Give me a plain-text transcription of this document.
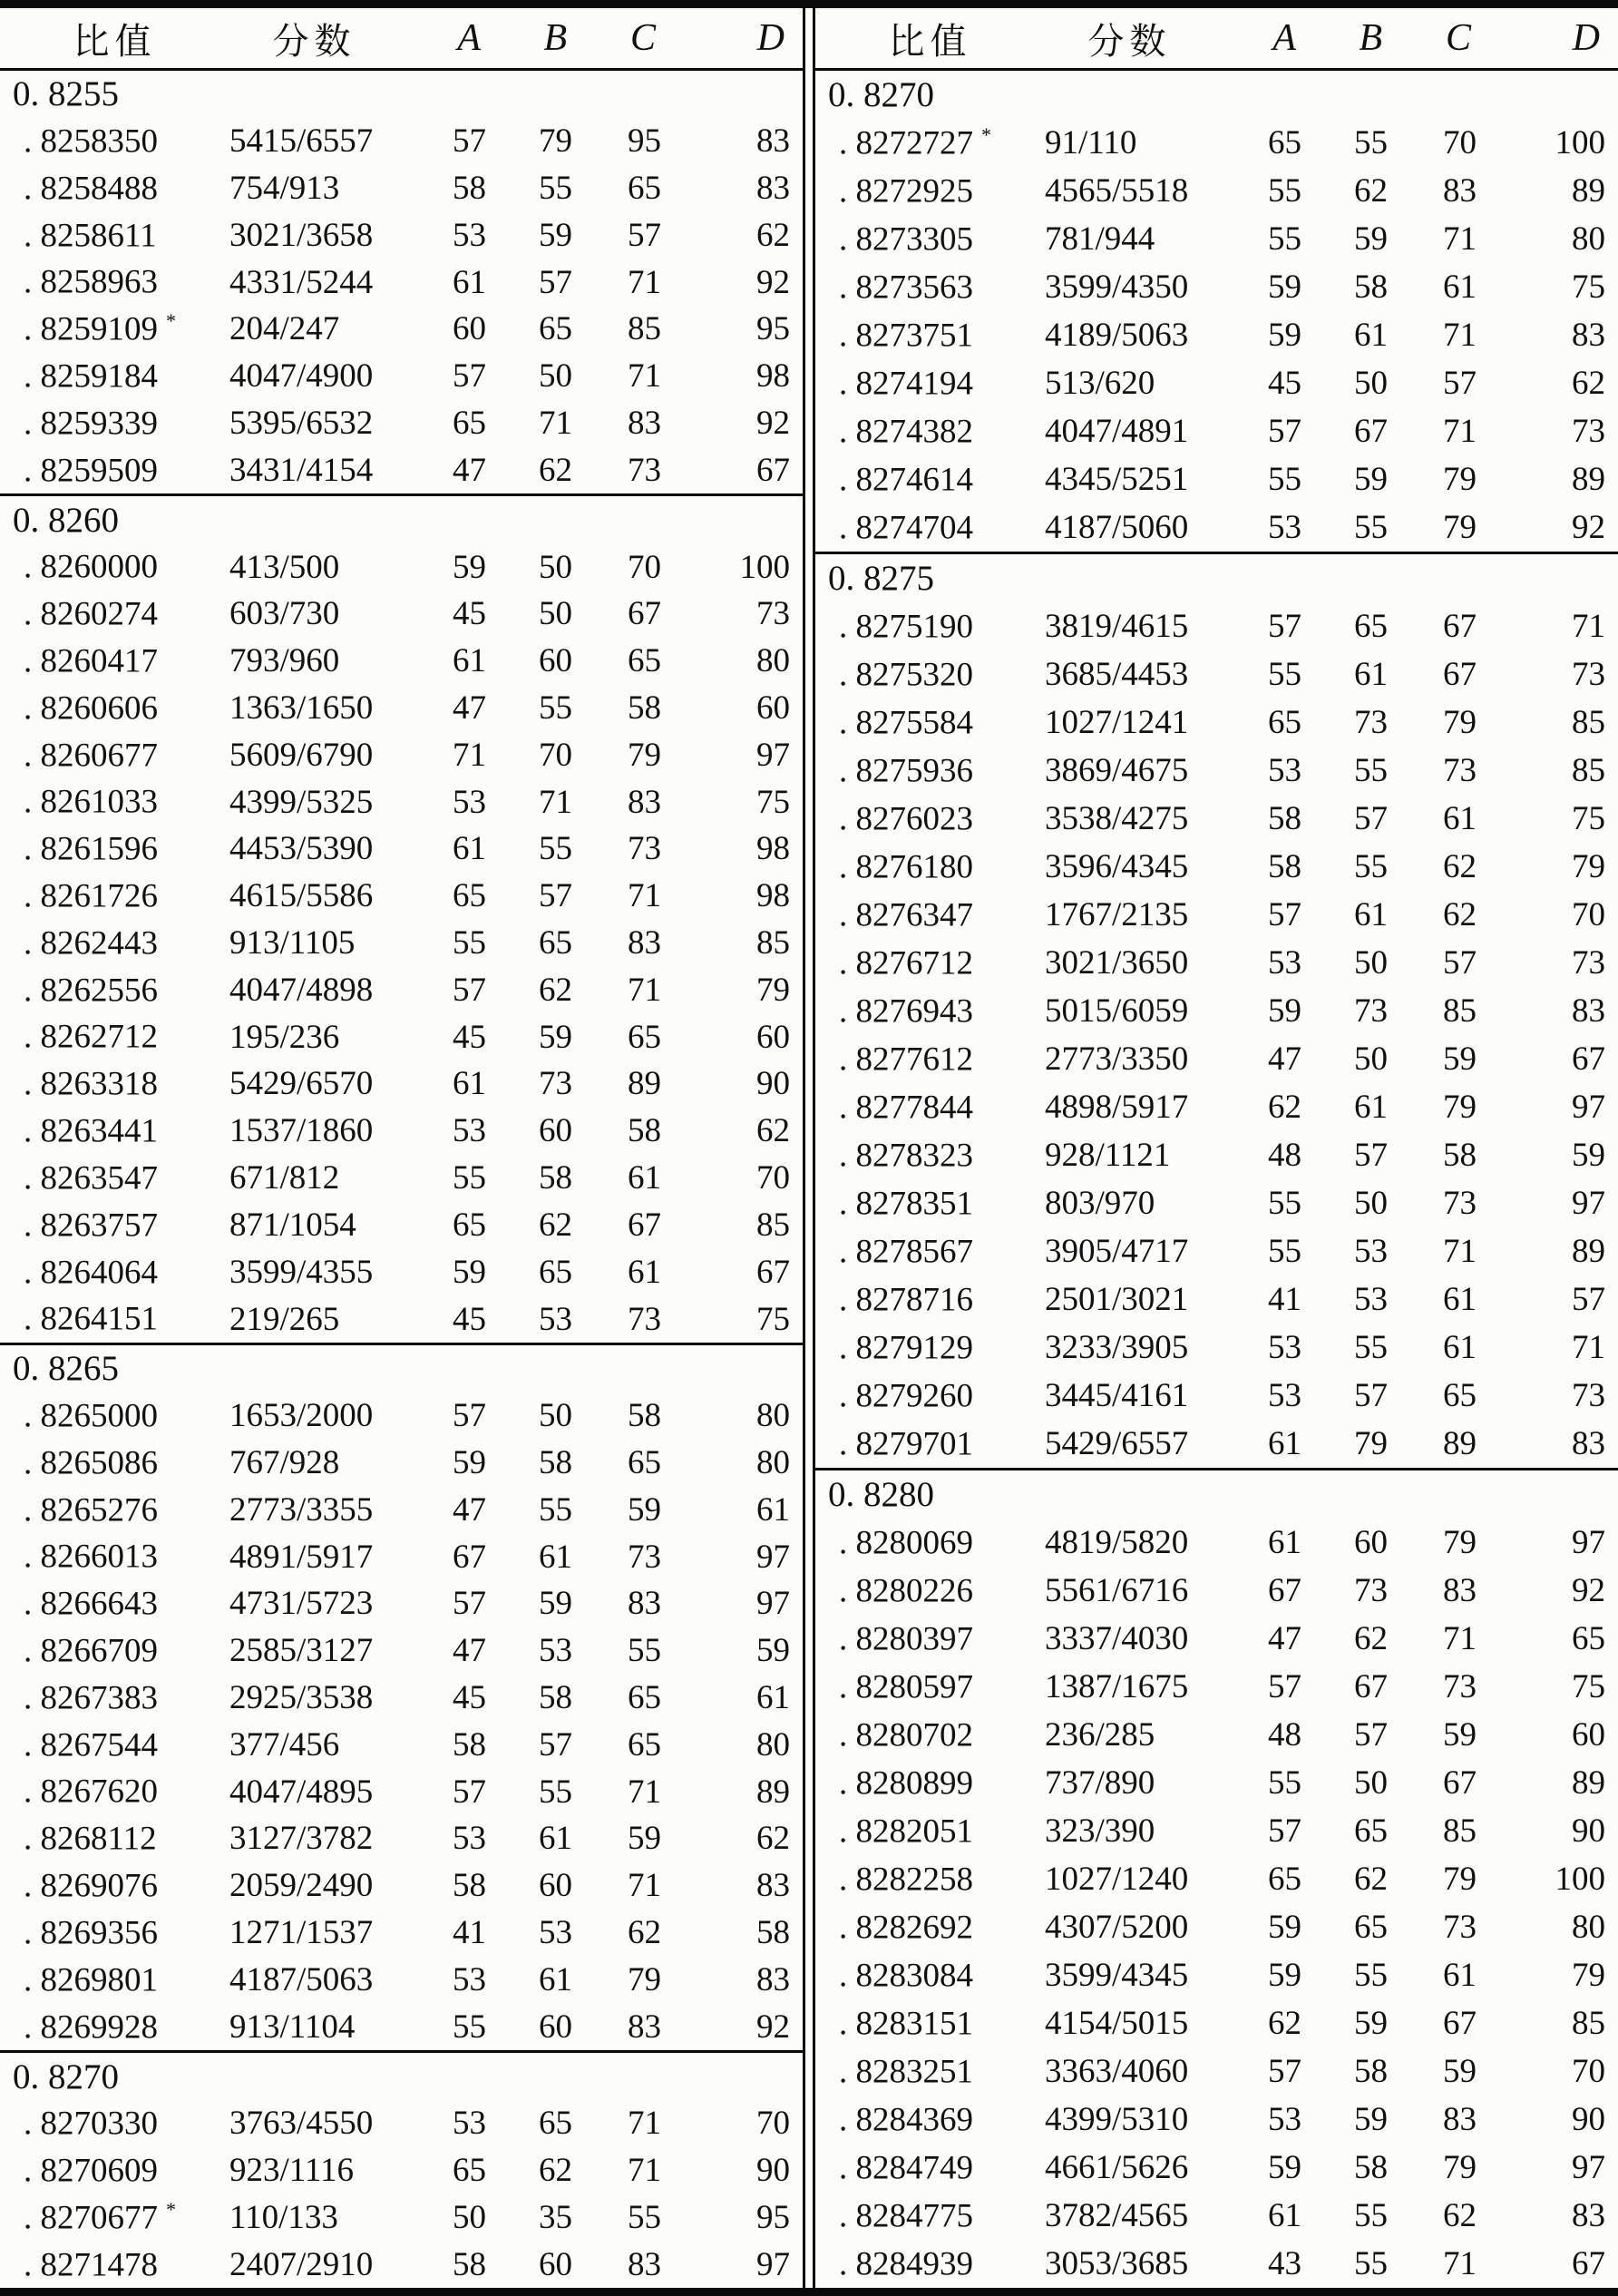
比值	分数	A	B	C	D
0. 8255
. 8258350	5415/6557	57	79	95	83
. 8258488	754/913	58	55	65	83
. 8258611	3021/3658	53	59	57	62
. 8258963	4331/5244	61	57	71	92
. 8259109 *	204/247	60	65	85	95
. 8259184	4047/4900	57	50	71	98
. 8259339	5395/6532	65	71	83	92
. 8259509	3431/4154	47	62	73	67
0. 8260
. 8260000	413/500	59	50	70	100
. 8260274	603/730	45	50	67	73
. 8260417	793/960	61	60	65	80
. 8260606	1363/1650	47	55	58	60
. 8260677	5609/6790	71	70	79	97
. 8261033	4399/5325	53	71	83	75
. 8261596	4453/5390	61	55	73	98
. 8261726	4615/5586	65	57	71	98
. 8262443	913/1105	55	65	83	85
. 8262556	4047/4898	57	62	71	79
. 8262712	195/236	45	59	65	60
. 8263318	5429/6570	61	73	89	90
. 8263441	1537/1860	53	60	58	62
. 8263547	671/812	55	58	61	70
. 8263757	871/1054	65	62	67	85
. 8264064	3599/4355	59	65	61	67
. 8264151	219/265	45	53	73	75
0. 8265
. 8265000	1653/2000	57	50	58	80
. 8265086	767/928	59	58	65	80
. 8265276	2773/3355	47	55	59	61
. 8266013	4891/5917	67	61	73	97
. 8266643	4731/5723	57	59	83	97
. 8266709	2585/3127	47	53	55	59
. 8267383	2925/3538	45	58	65	61
. 8267544	377/456	58	57	65	80
. 8267620	4047/4895	57	55	71	89
. 8268112	3127/3782	53	61	59	62
. 8269076	2059/2490	58	60	71	83
. 8269356	1271/1537	41	53	62	58
. 8269801	4187/5063	53	61	79	83
. 8269928	913/1104	55	60	83	92
0. 8270
. 8270330	3763/4550	53	65	71	70
. 8270609	923/1116	65	62	71	90
. 8270677 *	110/133	50	35	55	95
. 8271478	2407/2910	58	60	83	97
比值	分数	A	B	C	D
0. 8270
. 8272727 *	91/110	65	55	70	100
. 8272925	4565/5518	55	62	83	89
. 8273305	781/944	55	59	71	80
. 8273563	3599/4350	59	58	61	75
. 8273751	4189/5063	59	61	71	83
. 8274194	513/620	45	50	57	62
. 8274382	4047/4891	57	67	71	73
. 8274614	4345/5251	55	59	79	89
. 8274704	4187/5060	53	55	79	92
0. 8275
. 8275190	3819/4615	57	65	67	71
. 8275320	3685/4453	55	61	67	73
. 8275584	1027/1241	65	73	79	85
. 8275936	3869/4675	53	55	73	85
. 8276023	3538/4275	58	57	61	75
. 8276180	3596/4345	58	55	62	79
. 8276347	1767/2135	57	61	62	70
. 8276712	3021/3650	53	50	57	73
. 8276943	5015/6059	59	73	85	83
. 8277612	2773/3350	47	50	59	67
. 8277844	4898/5917	62	61	79	97
. 8278323	928/1121	48	57	58	59
. 8278351	803/970	55	50	73	97
. 8278567	3905/4717	55	53	71	89
. 8278716	2501/3021	41	53	61	57
. 8279129	3233/3905	53	55	61	71
. 8279260	3445/4161	53	57	65	73
. 8279701	5429/6557	61	79	89	83
0. 8280
. 8280069	4819/5820	61	60	79	97
. 8280226	5561/6716	67	73	83	92
. 8280397	3337/4030	47	62	71	65
. 8280597	1387/1675	57	67	73	75
. 8280702	236/285	48	57	59	60
. 8280899	737/890	55	50	67	89
. 8282051	323/390	57	65	85	90
. 8282258	1027/1240	65	62	79	100
. 8282692	4307/5200	59	65	73	80
. 8283084	3599/4345	59	55	61	79
. 8283151	4154/5015	62	59	67	85
. 8283251	3363/4060	57	58	59	70
. 8284369	4399/5310	53	59	83	90
. 8284749	4661/5626	59	58	79	97
. 8284775	3782/4565	61	55	62	83
. 8284939	3053/3685	43	55	71	67
